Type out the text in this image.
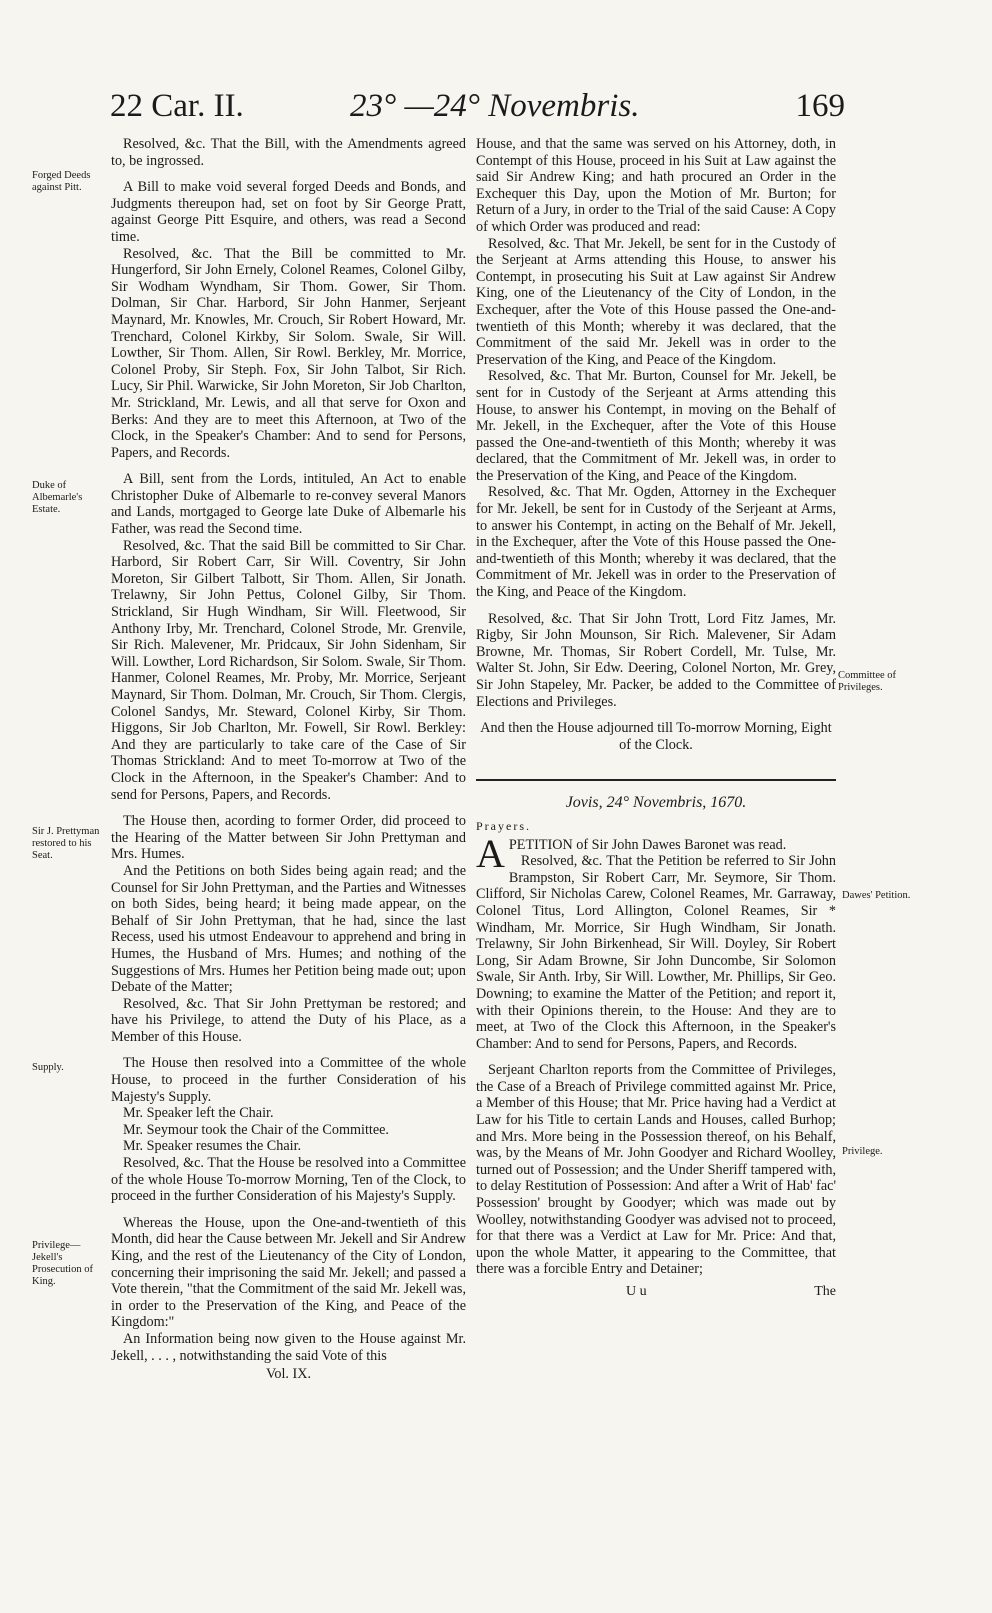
22 Car. II.	23° —24° Novembris.	169
Forged Deeds against Pitt.
Duke of Albemarle's Estate.
Sir J. Prettyman restored to his Seat.
Supply.
Privilege—Jekell's Prosecution of King.
Committee of Privileges.
Dawes' Petition.
Privilege.

Resolved, &c. That the Bill, with the Amendments agreed to, be ingrossed.

A Bill to make void several forged Deeds and Bonds, and Judgments thereupon had, set on foot by Sir George Pratt, against George Pitt Esquire, and others, was read a Second time.

Resolved, &c. That the Bill be committed to Mr. Hungerford, Sir John Ernely, Colonel Reames, Colonel Gilby, Sir Wodham Wyndham, Sir Thom. Gower, Sir Thom. Dolman, Sir Char. Harbord, Sir John Hanmer, Serjeant Maynard, Mr. Knowles, Mr. Crouch, Sir Robert Howard, Mr. Trenchard, Colonel Kirkby, Sir Solom. Swale, Sir Will. Lowther, Sir Thom. Allen, Sir Rowl. Berkley, Mr. Morrice, Colonel Proby, Sir Steph. Fox, Sir John Talbot, Sir Rich. Lucy, Sir Phil. Warwicke, Sir John Moreton, Sir Job Charlton, Mr. Strickland, Mr. Lewis, and all that serve for Oxon and Berks: And they are to meet this Afternoon, at Two of the Clock, in the Speaker's Chamber: And to send for Persons, Papers, and Records.

A Bill, sent from the Lords, intituled, An Act to enable Christopher Duke of Albemarle to re-convey several Manors and Lands, mortgaged to George late Duke of Albemarle his Father, was read the Second time.

Resolved, &c. That the said Bill be committed to Sir Char. Harbord, Sir Robert Carr, Sir Will. Coventry, Sir John Moreton, Sir Gilbert Talbott, Sir Thom. Allen, Sir Jonath. Trelawny, Sir John Pettus, Colonel Gilby, Sir Thom. Strickland, Sir Hugh Windham, Sir Will. Fleetwood, Sir Anthony Irby, Mr. Trenchard, Colonel Strode, Mr. Grenvile, Sir Rich. Malevener, Mr. Pridcaux, Sir John Sidenham, Sir Will. Lowther, Lord Richardson, Sir Solom. Swale, Sir Thom. Hanmer, Colonel Reames, Mr. Proby, Mr. Morrice, Serjeant Maynard, Sir Thom. Dolman, Mr. Crouch, Sir Thom. Clergis, Colonel Sandys, Mr. Steward, Colonel Kirby, Sir Thom. Higgons, Sir Job Charlton, Mr. Fowell, Sir Rowl. Berkley: And they are particularly to take care of the Case of Sir Thomas Strickland: And to meet To-morrow at Two of the Clock in the Afternoon, in the Speaker's Chamber: And to send for Persons, Papers, and Records.

The House then, acording to former Order, did proceed to the Hearing of the Matter between Sir John Prettyman and Mrs. Humes.

And the Petitions on both Sides being again read; and the Counsel for Sir John Prettyman, and the Parties and Witnesses on both Sides, being heard; it being made appear, on the Behalf of Sir John Prettyman, that he had, since the last Recess, used his utmost Endeavour to apprehend and bring in Humes, the Husband of Mrs. Humes; and nothing of the Suggestions of Mrs. Humes her Petition being made out; upon Debate of the Matter;

Resolved, &c. That Sir John Prettyman be restored; and have his Privilege, to attend the Duty of his Place, as a Member of this House.

The House then resolved into a Committee of the whole House, to proceed in the further Consideration of his Majesty's Supply.

Mr. Speaker left the Chair.

Mr. Seymour took the Chair of the Committee.

Mr. Speaker resumes the Chair.

Resolved, &c. That the House be resolved into a Committee of the whole House To-morrow Morning, Ten of the Clock, to proceed in the further Consideration of his Majesty's Supply.

Whereas the House, upon the One-and-twentieth of this Month, did hear the Cause between Mr. Jekell and Sir Andrew King, and the rest of the Lieutenancy of the City of London, concerning their imprisoning the said Mr. Jekell; and passed a Vote therein, "that the Commitment of the said Mr. Jekell was, in order to the Preservation of the King, and Peace of the Kingdom:"

An Information being now given to the House against Mr. Jekell, . . . , notwithstanding the said Vote of this

Vol. IX.

House, and that the same was served on his Attorney, doth, in Contempt of this House, proceed in his Suit at Law against the said Sir Andrew King; and hath procured an Order in the Exchequer this Day, upon the Motion of Mr. Burton; for Return of a Jury, in order to the Trial of the said Cause: A Copy of which Order was produced and read:

Resolved, &c. That Mr. Jekell, be sent for in the Custody of the Serjeant at Arms attending this House, to answer his Contempt, in prosecuting his Suit at Law against Sir Andrew King, one of the Lieutenancy of the City of London, in the Exchequer, after the Vote of this House passed the One-and-twentieth of this Month; whereby it was declared, that the Commitment of the said Mr. Jekell was in order to the Preservation of the King, and Peace of the Kingdom.

Resolved, &c. That Mr. Burton, Counsel for Mr. Jekell, be sent for in Custody of the Serjeant at Arms attending this House, to answer his Contempt, in moving on the Behalf of Mr. Jekell, in the Exchequer, after the Vote of this House passed the One-and-twentieth of this Month; whereby it was declared, that the Commitment of Mr. Jekell was, in order to the Preservation of the King, and Peace of the Kingdom.

Resolved, &c. That Mr. Ogden, Attorney in the Exchequer for Mr. Jekell, be sent for in Custody of the Serjeant at Arms, to answer his Contempt, in acting on the Behalf of Mr. Jekell, in the Exchequer, after the Vote of this House passed the One-and-twentieth of this Month; whereby it was declared, that the Commitment of Mr. Jekell was in order to the Preservation of the King, and Peace of the Kingdom.

Resolved, &c. That Sir John Trott, Lord Fitz James, Mr. Rigby, Sir John Mounson, Sir Rich. Malevener, Sir Adam Browne, Mr. Thomas, Sir Robert Cordell, Mr. Tulse, Mr. Walter St. John, Sir Edw. Deering, Colonel Norton, Mr. Grey, Sir John Stapeley, Mr. Packer, be added to the Committee of Elections and Privileges.

And then the House adjourned till To-morrow Morning, Eight of the Clock.

Jovis, 24° Novembris, 1670.
Prayers.

APETITION of Sir John Dawes Baronet was read.

Resolved, &c. That the Petition be referred to Sir John Brampston, Sir Robert Carr, Mr. Seymore, Sir Thom. Clifford, Sir Nicholas Carew, Colonel Reames, Mr. Garraway, Colonel Titus, Lord Allington, Colonel Reames, Sir * Windham, Mr. Morrice, Sir Hugh Windham, Sir Jonath. Trelawny, Sir John Birkenhead, Sir Will. Doyley, Sir Robert Long, Sir Adam Browne, Sir John Duncombe, Sir Solomon Swale, Sir Anth. Irby, Sir Will. Lowther, Mr. Phillips, Sir Geo. Downing; to examine the Matter of the Petition; and report it, with their Opinions therein, to the House: And they are to meet, at Two of the Clock this Afternoon, in the Speaker's Chamber: And to send for Persons, Papers, and Records.

Serjeant Charlton reports from the Committee of Privileges, the Case of a Breach of Privilege committed against Mr. Price, a Member of this House; that Mr. Price having had a Verdict at Law for his Title to certain Lands and Houses, called Burhop; and Mrs. More being in the Possession thereof, on his Behalf, was, by the Means of Mr. John Goodyer and Richard Woolley, turned out of Possession; and the Under Sheriff tampered with, to delay Restitution of Possession: And after a Writ of Hab' fac' Possession' brought by Goodyer; which was made out by Woolley, notwithstanding Goodyer was advised not to proceed, for that there was a Verdict at Law for Mr. Price: And that, upon the whole Matter, it appearing to the Committee, that there was a forcible Entry and Detainer;

U u	The
